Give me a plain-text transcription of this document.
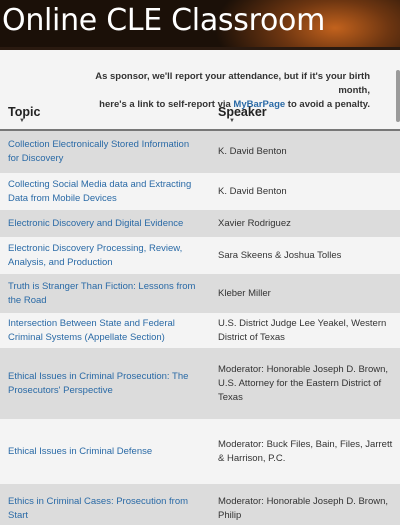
Online CLE Classroom
As sponsor, we'll report your attendance, but if it's your birth month,
here's a link to self-report via MyBarPage to avoid a penalty.
Topic
▼
Speaker
▼
Collection Electronically Stored Information for Discovery
K. David Benton
Collecting Social Media data and Extracting Data from Mobile Devices
K. David Benton
Electronic Discovery and Digital Evidence	Xavier Rodriguez
Electronic Discovery Processing, Review, Analysis, and Production
Sara Skeens & Joshua Tolles
Truth is Stranger Than Fiction: Lessons from the Road
Kleber Miller
Intersection Between State and Federal Criminal Systems (Appellate Section)
U.S. District Judge Lee Yeakel, Western District of Texas
Ethical Issues in Criminal Prosecution: The Prosecutors' Perspective
Moderator: Honorable Joseph D. Brown, U.S. Attorney for the Eastern District of Texas
Ethical Issues in Criminal Defense
Moderator: Buck Files, Bain, Files, Jarrett & Harrison, P.C.
Ethics in Criminal Cases: Prosecution from Start
Moderator: Honorable Joseph D. Brown, Philip
